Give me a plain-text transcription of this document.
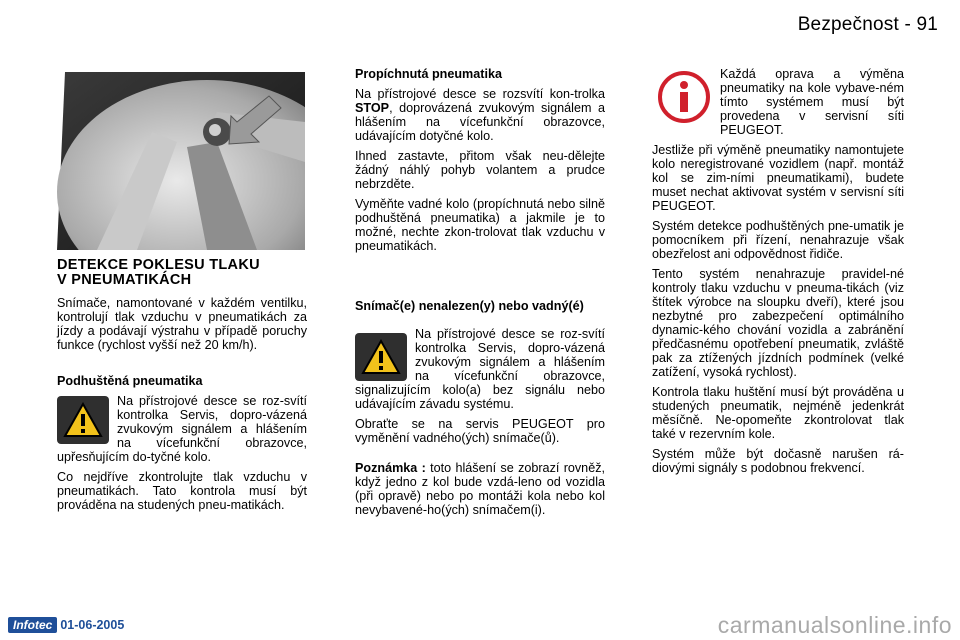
Bezpečnost - 91
DETEKCE POKLESU TLAKU
V PNEUMATIKÁCH

Snímače, namontované v každém ventilku, kontrolují tlak vzduchu v pneumatikách za jízdy a podávají výstrahu v případě poruchy funkce (rychlost vyšší než 20 km/h).

Podhuštěná pneumatika

Na přístrojové desce se roz-svítí kontrolka Servis, dopro-vázená zvukovým signálem a hlášením na vícefunkční obrazovce, upřesňujícím do-tyčné kolo.

Co nejdříve zkontrolujte tlak vzduchu v pneumatikách. Tato kontrola musí být prováděna na studených pneu-matikách.

Propíchnutá pneumatika

Na přístrojové desce se rozsvítí kon-trolka STOP, doprovázená zvukovým signálem a hlášením na vícefunkční obrazovce, udávajícím dotyčné kolo.

Ihned zastavte, přitom však neu-dělejte žádný náhlý pohyb volantem a prudce nebrzděte.

Vyměňte vadné kolo (propíchnutá nebo silně podhuštěná pneumatika) a jakmile je to možné, nechte zkon-trolovat tlak vzduchu v pneumatikách.

Snímač(e) nenalezen(y) nebo vadný(é)

Na přístrojové desce se roz-svítí kontrolka Servis, dopro-vázená zvukovým signálem a hlášením na vícefunkční obrazovce, signalizujícím kolo(a) bez signálu nebo udávajícím závadu systému.

Obraťte se na servis PEUGEOT pro vyměnění vadného(ých) snímače(ů).

Poznámka : toto hlášení se zobrazí rovněž, když jedno z kol bude vzdá-leno od vozidla (při opravě) nebo po montáži kola nebo kol nevybavené-ho(ých) snímačem(i).

Každá oprava a výměna pneumatiky na kole vybave-ném tímto systémem musí být provedena v servisní síti PEUGEOT.

Jestliže při výměně pneumatiky namontujete kolo neregistrované vozidlem (např. montáž kol se zim-ními pneumatikami), budete muset nechat aktivovat systém v servisní síti PEUGEOT.

Systém detekce podhuštěných pne-umatik je pomocníkem při řízení, nenahrazuje však obezřelost ani odpovědnost řidiče.

Tento systém nenahrazuje pravidel-né kontroly tlaku vzduchu v pneuma-tikách (viz štítek výrobce na sloupku dveří), které jsou nezbytné pro zabezpečení optimálního dynamic-kého chování vozidla a zabránění předčasnému opotřebení pneumatik, zvláště pak za ztížených jízdních podmínek (velké zatížení, vysoká rychlost).

Kontrola tlaku huštění musí být prováděna u studených pneumatik, nejméně jedenkrát měsíčně. Ne-opomeňte zkontrolovat tlak také v rezervním kole.

Systém může být dočasně narušen rá-diovými signály s podobnou frekvencí.

Infotec 01-06-2005	carmanualsonline.info
